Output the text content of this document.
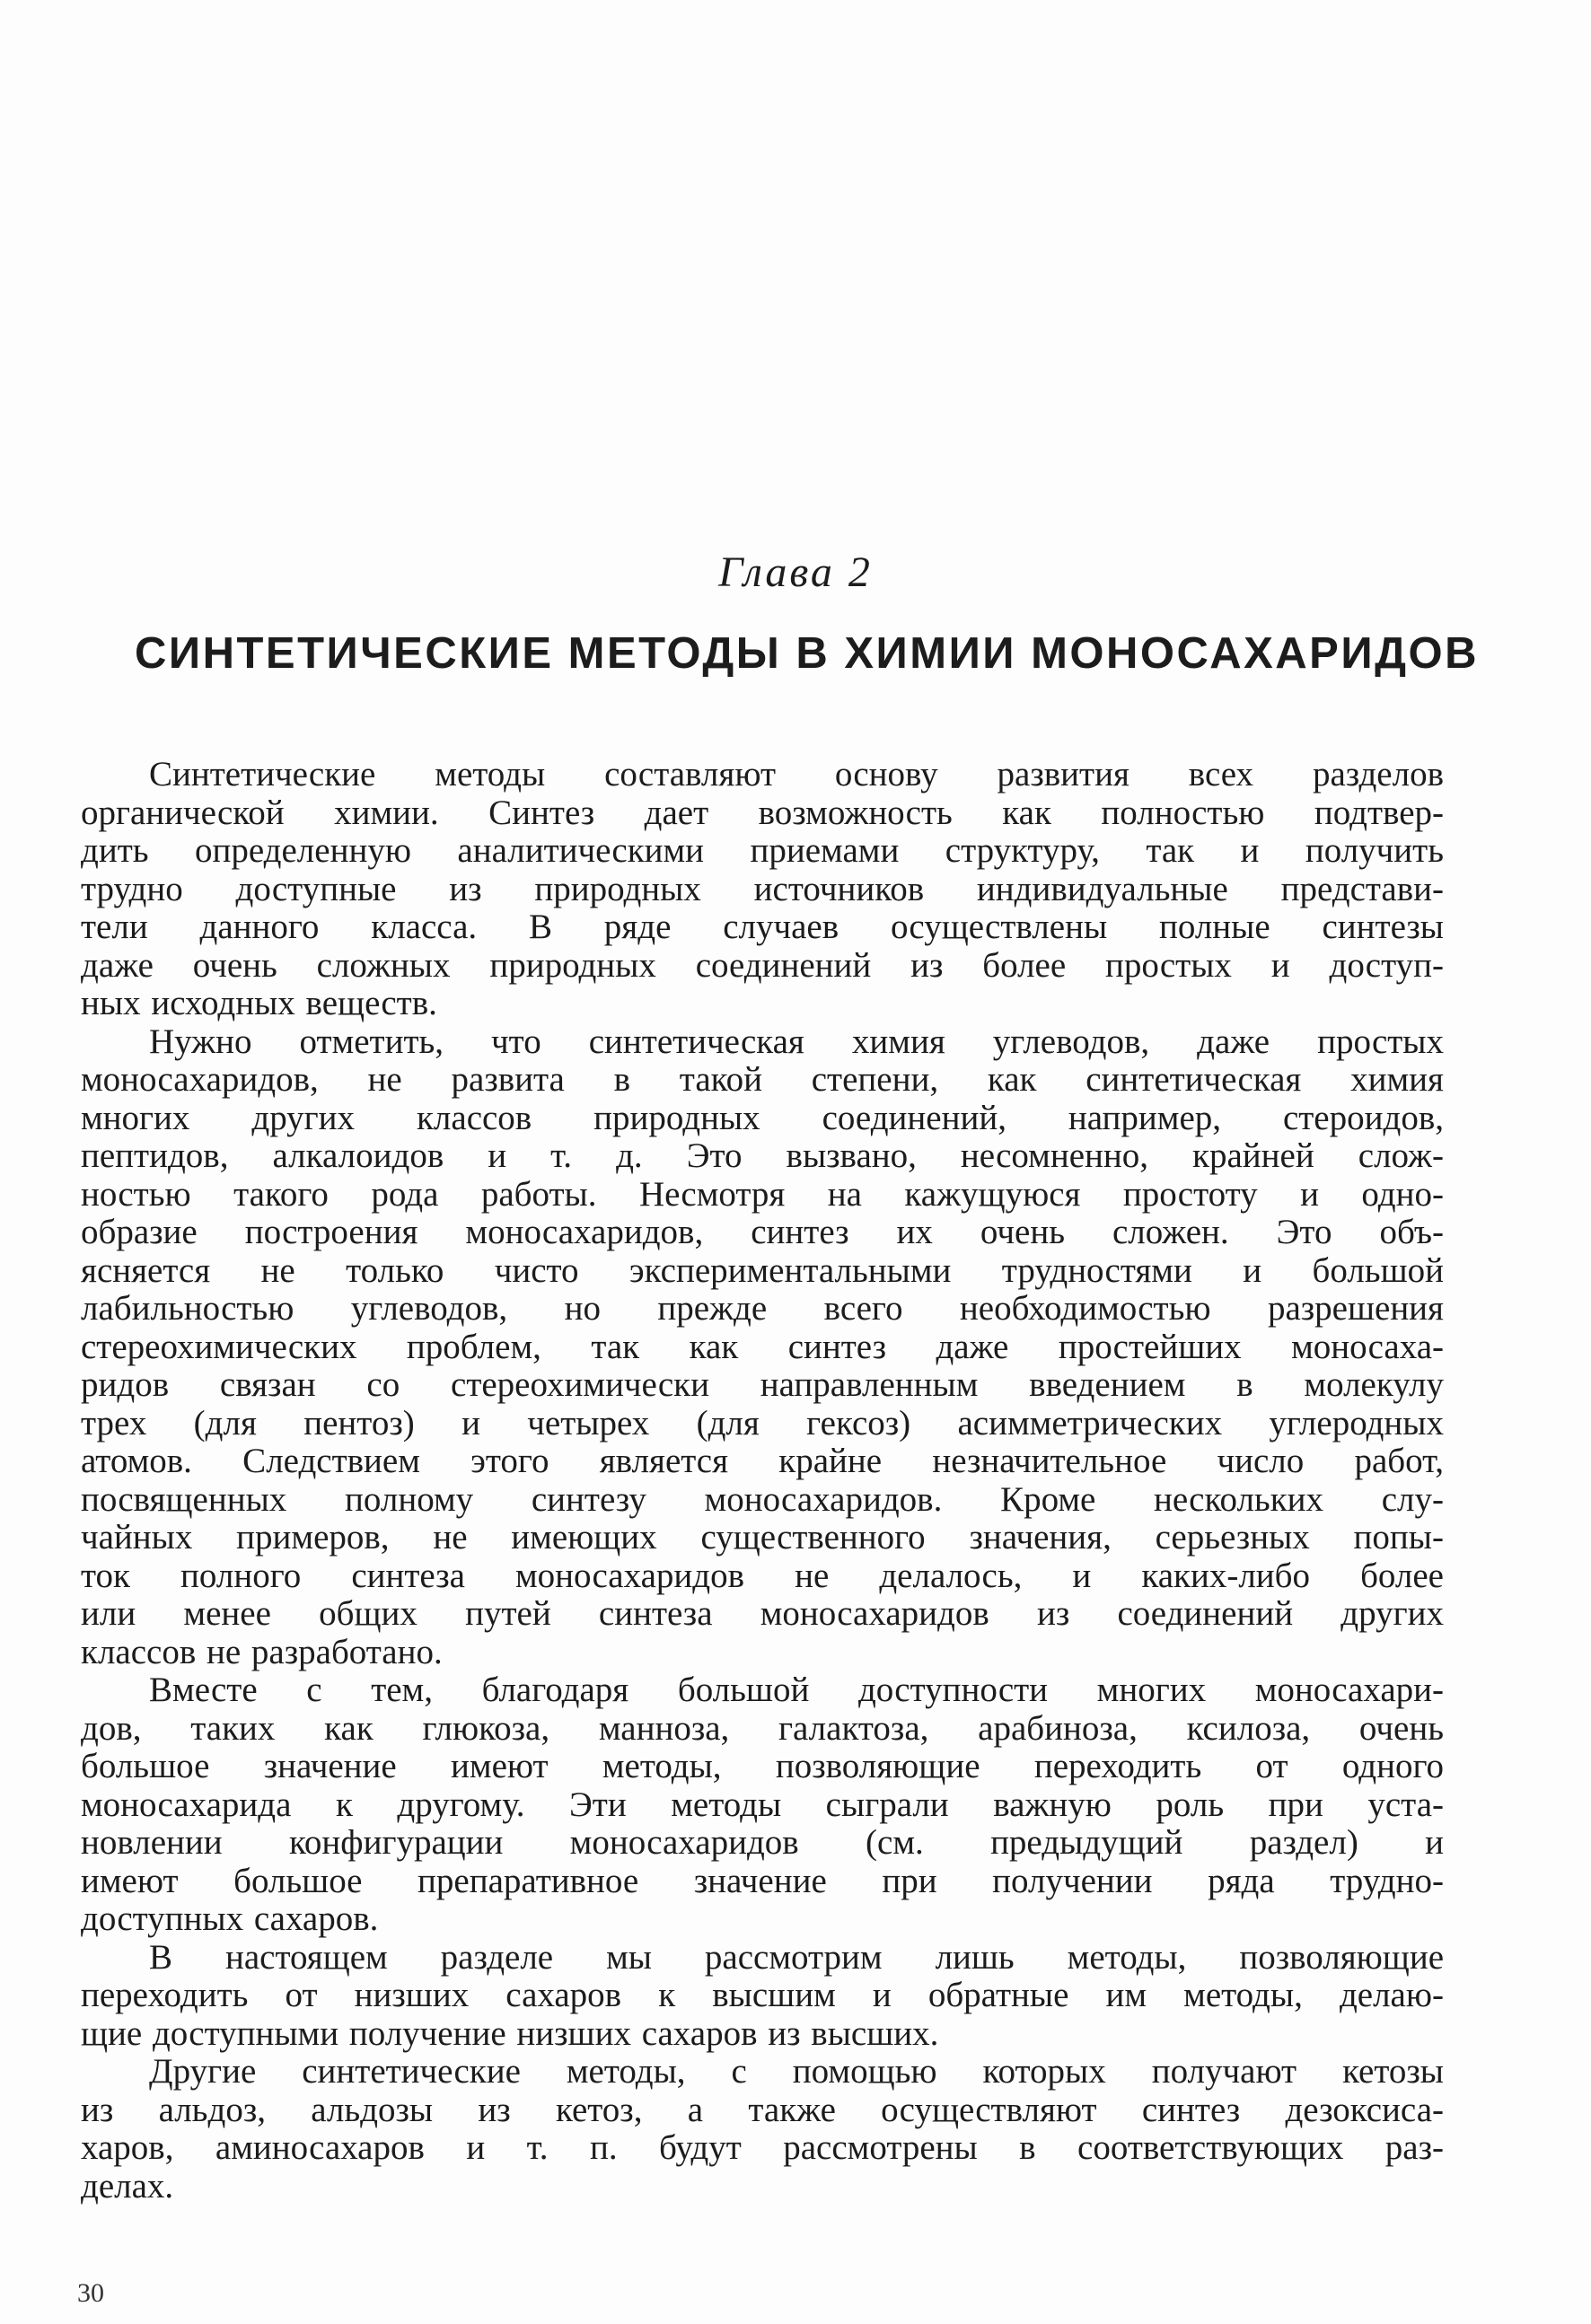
Глава 2
СИНТЕТИЧЕСКИЕ МЕТОДЫ В ХИМИИ МОНОСАХАРИДОВ
Синтетические методы составляют основу развития всех разделов
органической химии. Синтез дает возможность как полностью подтвер-
дить определенную аналитическими приемами структуру, так и получить
трудно доступные из природных источников индивидуальные представи-
тели данного класса. В ряде случаев осуществлены полные синтезы
даже очень сложных природных соединений из более простых и доступ-
ных исходных веществ.
Нужно отметить, что синтетическая химия углеводов, даже простых
моносахаридов, не развита в такой степени, как синтетическая химия
многих других классов природных соединений, например, стероидов,
пептидов, алкалоидов и т. д. Это вызвано, несомненно, крайней слож-
ностью такого рода работы. Несмотря на кажущуюся простоту и одно-
образие построения моносахаридов, синтез их очень сложен. Это объ-
ясняется не только чисто экспериментальными трудностями и большой
лабильностью углеводов, но прежде всего необходимостью разрешения
стереохимических проблем, так как синтез даже простейших моносаха-
ридов связан со стереохимически направленным введением в молекулу
трех (для пентоз) и четырех (для гексоз) асимметрических углеродных
атомов. Следствием этого является крайне незначительное число работ,
посвященных полному синтезу моносахаридов. Кроме нескольких слу-
чайных примеров, не имеющих существенного значения, серьезных попы-
ток полного синтеза моносахаридов не делалось, и каких-либо более
или менее общих путей синтеза моносахаридов из соединений других
классов не разработано.
Вместе с тем, благодаря большой доступности многих моносахари-
дов, таких как глюкоза, манноза, галактоза, арабиноза, ксилоза, очень
большое значение имеют методы, позволяющие переходить от одного
моносахарида к другому. Эти методы сыграли важную роль при уста-
новлении конфигурации моносахаридов (см. предыдущий раздел) и
имеют большое препаративное значение при получении ряда трудно-
доступных сахаров.
В настоящем разделе мы рассмотрим лишь методы, позволяющие
переходить от низших сахаров к высшим и обратные им методы, делаю-
щие доступными получение низших сахаров из высших.
Другие синтетические методы, с помощью которых получают кетозы
из альдоз, альдозы из кетоз, а также осуществляют синтез дезоксиса-
харов, аминосахаров и т. п. будут рассмотрены в соответствующих раз-
делах.
30
